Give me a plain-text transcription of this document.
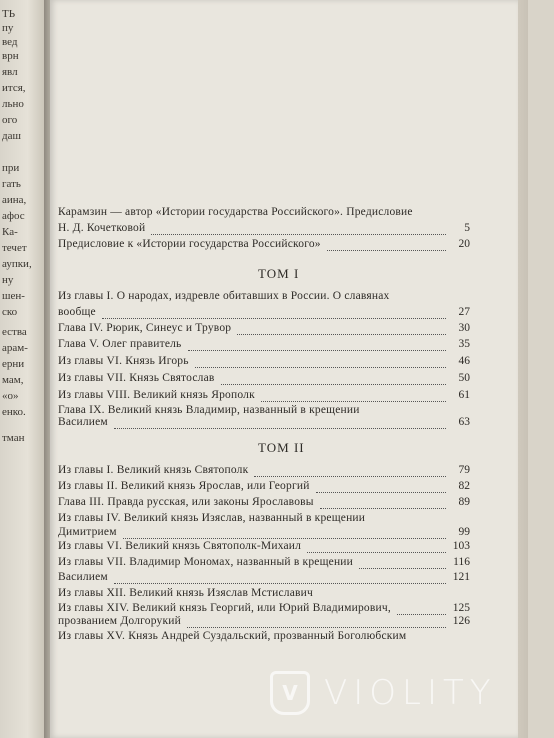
ТЬ
пу
вед
врн
явл
ится,
льно
ого
даш
при
гать
аина,
афос
Ка-
течет
аупки,
ну
шен-
ско
ества
арам-
ерни
мам,
«о»
енко.
тман
Карамзин — автор «Истории государства Российского». Предисловие
Н. Д. Кочетковой	5
Предисловие к «Истории государства Российского»	20
ТОМ I
Из главы I. О народах, издревле обитавших в России. О славянах
вообще	27
Глава IV. Рюрик, Синеус и Трувор	30
Глава V. Олег правитель	35
Из главы VI. Князь Игорь	46
Из главы VII. Князь Святослав	50
Из главы VIII. Великий князь Ярополк	61
Глава IX. Великий князь Владимир, названный в крещении
Василием	63
ТОМ II
Из главы I. Великий князь Святополк	79
Из главы II. Великий князь Ярослав, или Георгий	82
Глава III. Правда русская, или законы Ярославовы	89
Из главы IV. Великий князь Изяслав, названный в крещении
Димитрием	99
Из главы VI. Великий князь Святополк-Михаил	103
Из главы VII. Владимир Мономах, названный в крещении	116
Василием	121
Из главы XII. Великий князь Изяслав Мстиславич
Из главы XIV. Великий князь Георгий, или Юрий Владимирович,	125
прозванием Долгорукий	126
Из главы XV. Князь Андрей Суздальский, прозванный Боголюбским
V VIOLITY
